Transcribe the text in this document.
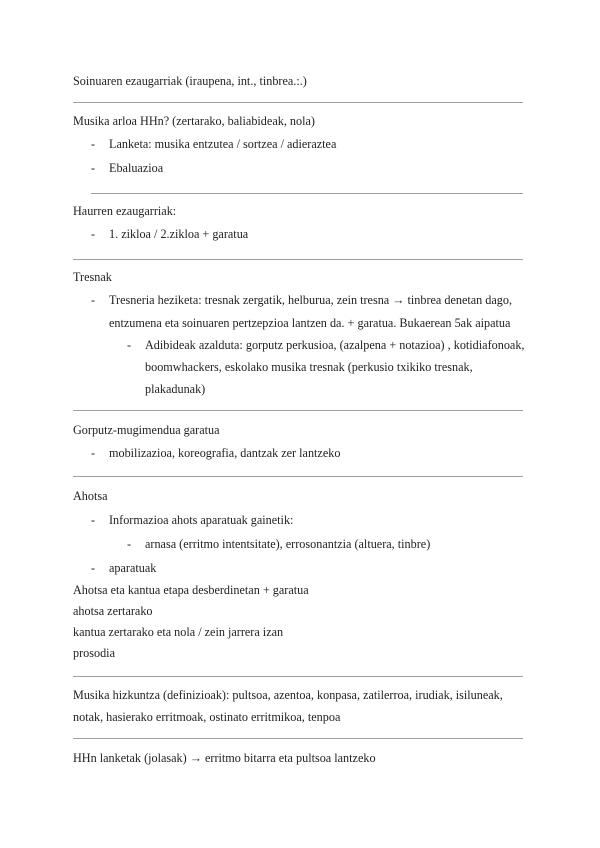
Soinuaren ezaugarriak (iraupena, int., tinbrea.:.)
Musika arloa HHn? (zertarako, baliabideak, nola)
- Lanketa: musika entzutea / sortzea / adieraztea
- Ebaluazioa
Haurren ezaugarriak:
- 1. zikloa / 2.zikloa + garatua
Tresnak
- Tresneria heziketa: tresnak zergatik, helburua, zein tresna → tinbrea denetan dago,
entzumena eta soinuaren pertzepzioa lantzen da. + garatua. Bukaerean 5ak aipatua
- Adibideak azalduta: gorputz perkusioa, (azalpena + notazioa) , kotidiafonoak,
boomwhackers, eskolako musika tresnak (perkusio txikiko tresnak,
plakadunak)
Gorputz-mugimendua garatua
- mobilizazioa, koreografia, dantzak zer lantzeko
Ahotsa
- Informazioa ahots aparatuak gainetik:
- arnasa (erritmo intentsitate), errosonantzia (altuera, tinbre)
- aparatuak
Ahotsa eta kantua etapa desberdinetan + garatua
ahotsa zertarako
kantua zertarako eta nola / zein jarrera izan
prosodia
Musika hizkuntza (definizioak): pultsoa, azentoa, konpasa, zatilerroa, irudiak, isiluneak,
notak, hasierako erritmoak, ostinato erritmikoa, tenpoa
HHn lanketak (jolasak) → erritmo bitarra eta pultsoa lantzeko
